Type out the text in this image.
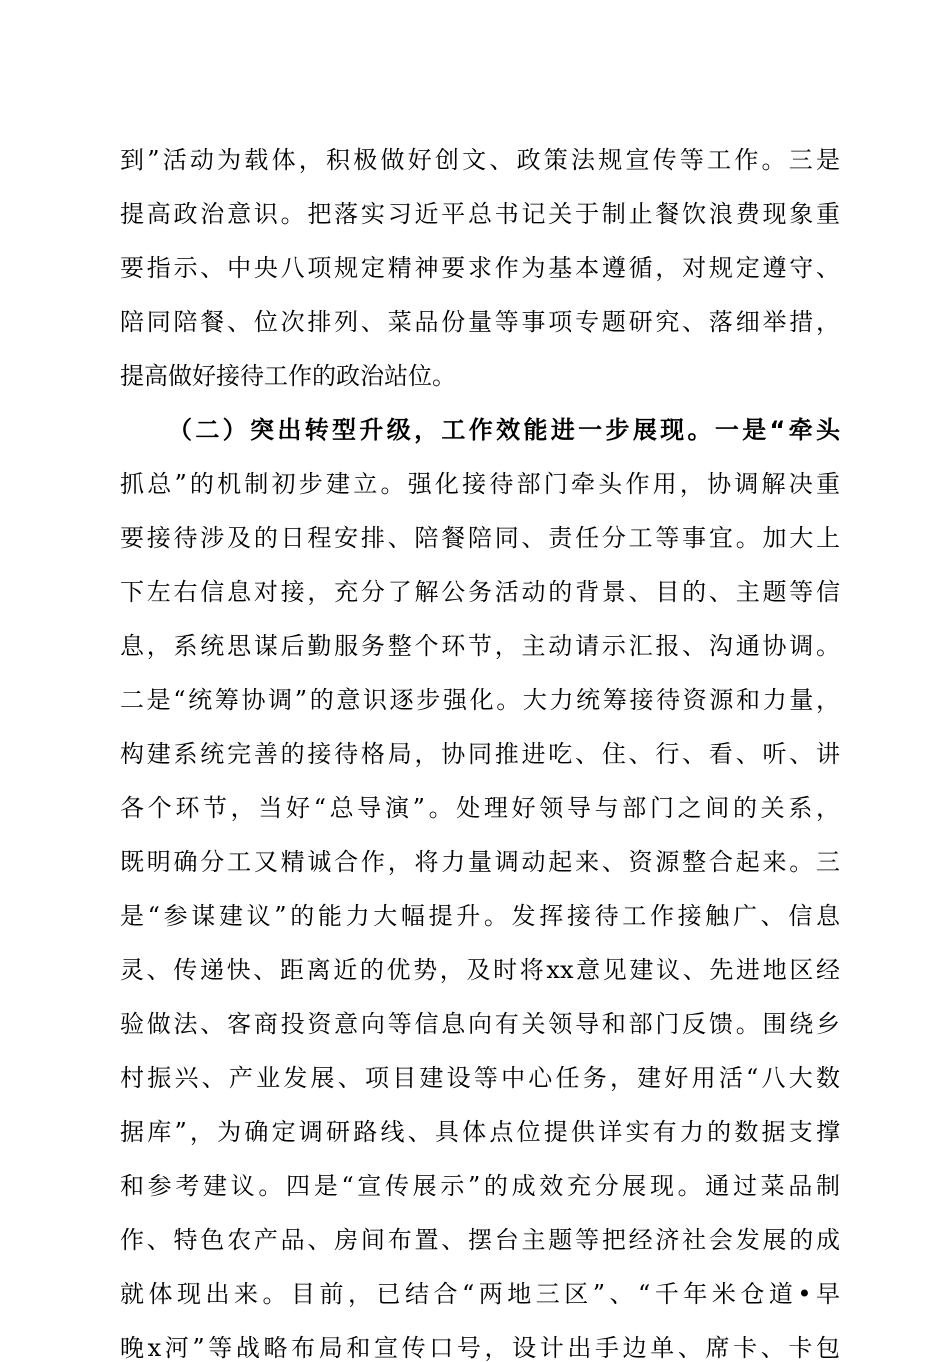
到”活动为载体，积极做好创文、政策法规宣传等工作。三是
提高政治意识。把落实习近平总书记关于制止餐饮浪费现象重
要指示、中央八项规定精神要求作为基本遵循，对规定遵守、
陪同陪餐、位次排列、菜品份量等事项专题研究、落细举措，
提高做好接待工作的政治站位。
（二）突出转型升级，工作效能进一步展现。一是“牵头
抓总”的机制初步建立。强化接待部门牵头作用，协调解决重
要接待涉及的日程安排、陪餐陪同、责任分工等事宜。加大上
下左右信息对接，充分了解公务活动的背景、目的、主题等信
息，系统思谋后勤服务整个环节，主动请示汇报、沟通协调。
二是“统筹协调”的意识逐步强化。大力统筹接待资源和力量，
构建系统完善的接待格局，协同推进吃、住、行、看、听、讲
各个环节，当好“总导演”。处理好领导与部门之间的关系，
既明确分工又精诚合作，将力量调动起来、资源整合起来。三
是“参谋建议”的能力大幅提升。发挥接待工作接触广、信息
灵、传递快、距离近的优势，及时将xx意见建议、先进地区经
验做法、客商投资意向等信息向有关领导和部门反馈。围绕乡
村振兴、产业发展、项目建设等中心任务，建好用活“八大数
据库”，为确定调研路线、具体点位提供详实有力的数据支撑
和参考建议。四是“宣传展示”的成效充分展现。通过菜品制
作、特色农产品、房间布置、摆台主题等把经济社会发展的成
就体现出来。目前，已结合“两地三区”、“千年米仓道•早
晚x河”等战略布局和宣传口号，设计出手边单、席卡、卡包
